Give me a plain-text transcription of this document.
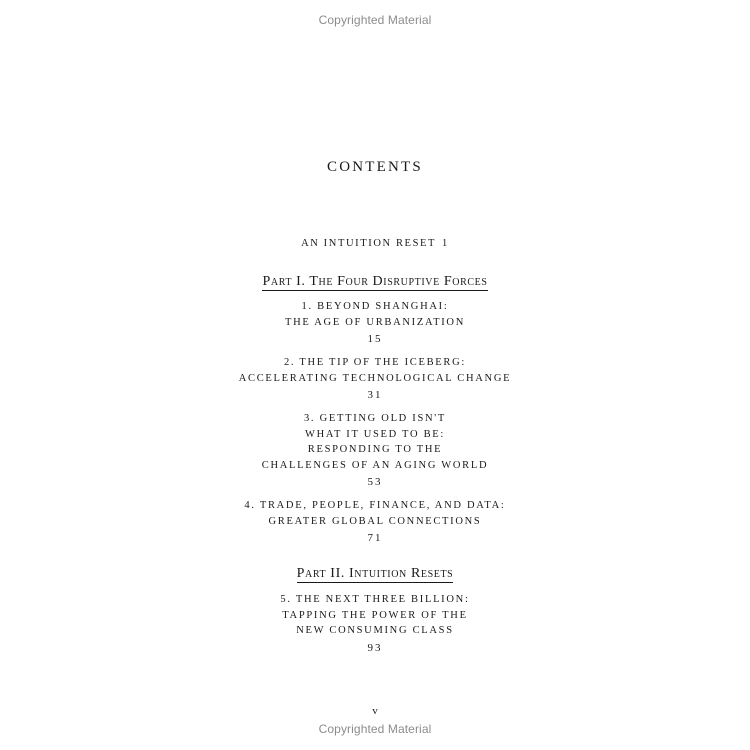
Copyrighted Material
CONTENTS
AN INTUITION RESET 1
Part I. The Four Disruptive Forces
1. BEYOND SHANGHAI:
THE AGE OF URBANIZATION
15
2. THE TIP OF THE ICEBERG:
ACCELERATING TECHNOLOGICAL CHANGE
31
3. GETTING OLD ISN'T
WHAT IT USED TO BE:
RESPONDING TO THE
CHALLENGES OF AN AGING WORLD
53
4. TRADE, PEOPLE, FINANCE, AND DATA:
GREATER GLOBAL CONNECTIONS
71
Part II. Intuition Resets
5. THE NEXT THREE BILLION:
TAPPING THE POWER OF THE
NEW CONSUMING CLASS
93
v
Copyrighted Material
